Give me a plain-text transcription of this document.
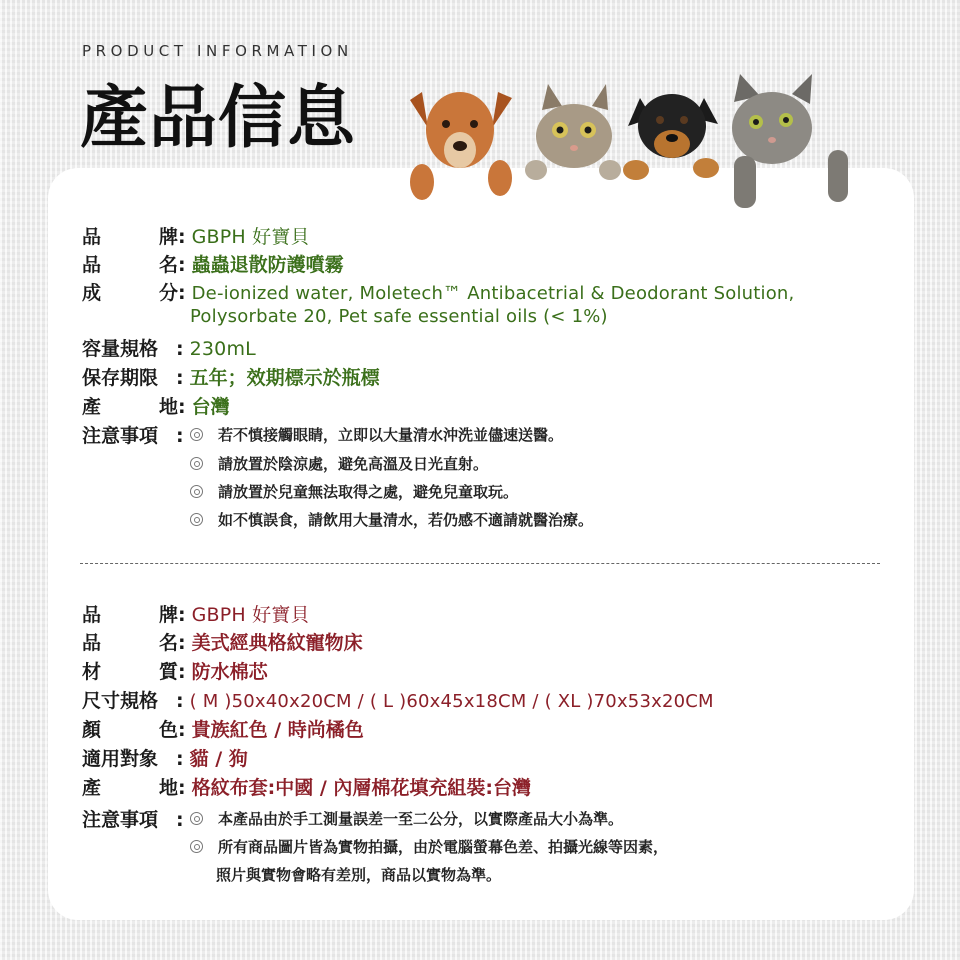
PRODUCT INFORMATION
產品信息
品牌 : GBPH 好寶貝
品名 : 蟲蟲退散防護噴霧
成分 : De-ionized water, Moletech™ Antibacetrial & Deodorant Solution,
Polysorbate 20, Pet safe essential oils (< 1%)
容量規格 : 230mL
保存期限 : 五年；效期標示於瓶標
產地 : 台灣
注意事項 : 若不慎接觸眼睛，立即以大量清水沖洗並儘速送醫。
請放置於陰涼處，避免高溫及日光直射。
請放置於兒童無法取得之處，避免兒童取玩。
如不慎誤食，請飲用大量清水，若仍感不適請就醫治療。
品牌 : GBPH 好寶貝
品名 : 美式經典格紋寵物床
材質 : 防水棉芯
尺寸規格 : ( M )50x40x20CM / ( L )60x45x18CM / ( XL )70x53x20CM
顏色 : 貴族紅色 / 時尚橘色
適用對象 : 貓 / 狗
產地 : 格紋布套:中國 / 內層棉花填充組裝:台灣
注意事項 : 本產品由於手工測量誤差一至二公分，以實際產品大小為準。
所有商品圖片皆為實物拍攝，由於電腦螢幕色差、拍攝光線等因素，
照片與實物會略有差別，商品以實物為準。
